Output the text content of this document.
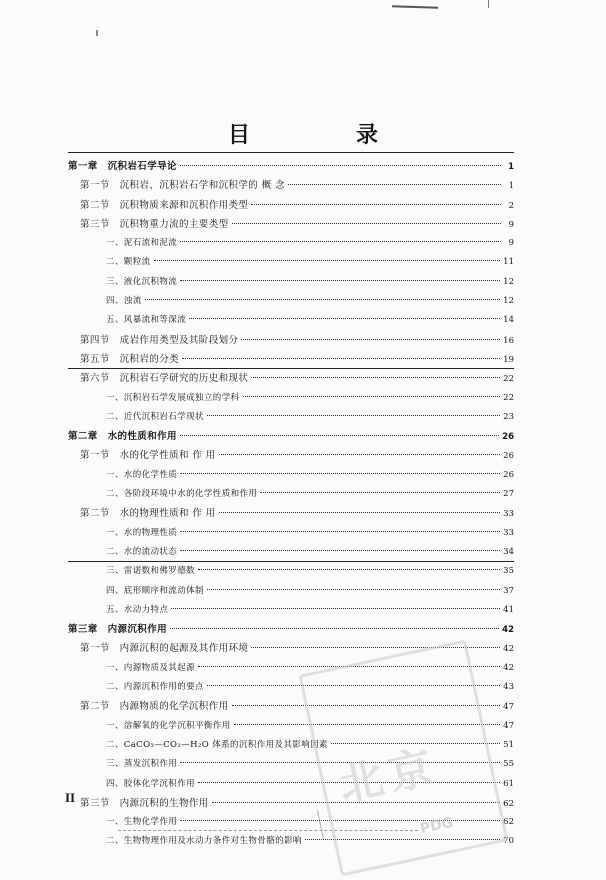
目　录
第一章　沉积岩石学导论	1
第一节　沉积岩、沉积岩石学和沉积学的 概 念	1
第二节　沉积物质来源和沉积作用类型	2
第三节　沉积物重力流的主要类型	9
一、泥石流和泥流	9
二、颗粒流	11
三、液化沉积物流	12
四、浊流	12
五、风暴流和等深流	14
第四节　成岩作用类型及其阶段划分	16
第五节　沉积岩的分类	19
第六节　沉积岩石学研究的历史和现状	22
一、沉积岩石学发展成独立的学科	22
二、近代沉积岩石学现状	23
第二章　水的性质和作用	26
第一节　水的化学性质和 作 用	26
一、水的化学性质	26
二、各阶段环境中水的化学性质和作用	27
第二节　水的物理性质和 作 用	33
一、水的物理性质	33
二、水的流动状态	34
三、雷诺数和佛罗德数	35
四、底形顺序和流动体制	37
五、水动力特点	41
第三章　内源沉积作用	42
第一节　内源沉积的起源及其作用环境	42
一、内源物质及其起源	42
二、内源沉积作用的要点	43
第二节　内源物质的化学沉积作用	47
一、溶解氧的化学沉积平衡作用	47
二、CaCO₃—CO₂—H₂O 体系的沉积作用及其影响因素	51
三、蒸发沉积作用	55
四、胶体化学沉积作用	61
第三节　内源沉积的生物作用	62
一、生物化学作用	62
二、生物物理作用及水动力条件对生物骨骼的影响	70
北京
PDG
II
